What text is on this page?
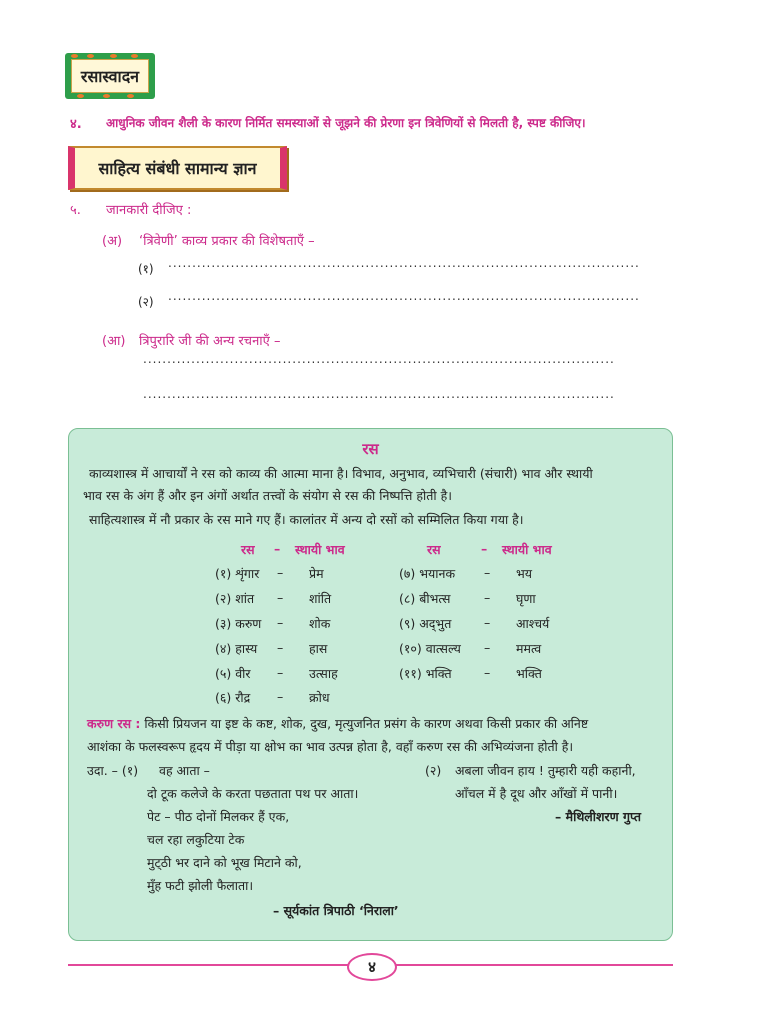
रसास्वादन
४. आधुनिक जीवन शैली के कारण निर्मित समस्याओं से जूझने की प्रेरणा इन त्रिवेणियों से मिलती है, स्पष्ट कीजिए।
साहित्य संबंधी सामान्य ज्ञान
५. जानकारी दीजिए :
(अ) ‘त्रिवेणी’ काव्य प्रकार की विशेषताएँ –
(१) ..................................................................................................
(२) ..................................................................................................
(आ) त्रिपुरारि जी की अन्य रचनाएँ –
..................................................................................................
..................................................................................................
रस
काव्यशास्त्र में आचार्यों ने रस को काव्य की आत्मा माना है। विभाव, अनुभाव, व्यभिचारी (संचारी) भाव और स्थायी
भाव रस के अंग हैं और इन अंगों अर्थात तत्त्वों के संयोग से रस की निष्पत्ति होती है।
साहित्यशास्त्र में नौ प्रकार के रस माने गए हैं। कालांतर में अन्य दो रसों को सम्मिलित किया गया है।
रस – स्थायी भाव	रस	– स्थायी भाव
(१) शृंगार – प्रेम
(२) शांत – शांति
(३) करुण – शोक
(४) हास्य – हास
(५) वीर – उत्साह
(६) रौद्र – क्रोध
(७) भयानक – भय
(८) बीभत्स	– घृणा
(९) अद्‌भुत	– आश्चर्य
(१०) वात्सल्य – ममत्व
(११) भक्ति	– भक्ति
करुण रस : किसी प्रियजन या इष्ट के कष्ट, शोक, दुख, मृत्युजनित प्रसंग के कारण अथवा किसी प्रकार की अनिष्ट
आशंका के फलस्वरूप हृदय में पीड़ा या क्षोभ का भाव उत्पन्न होता है, वहाँ करुण रस की अभिव्यंजना होती है।
उदा. – (१) वह आता –
दो टूक कलेजे के करता पछताता पथ पर आता।
पेट – पीठ दोनों मिलकर हैं एक,
चल रहा लकुटिया टेक
मुट्‌ठी भर दाने को भूख मिटाने को,
मुँह फटी झोली फैलाता।
– सूर्यकांत त्रिपाठी ‘निराला’
(२) अबला जीवन हाय ! तुम्हारी यही कहानी,
आँचल में है दूध और आँखों में पानी।
– मैथिलीशरण गुप्त
४
